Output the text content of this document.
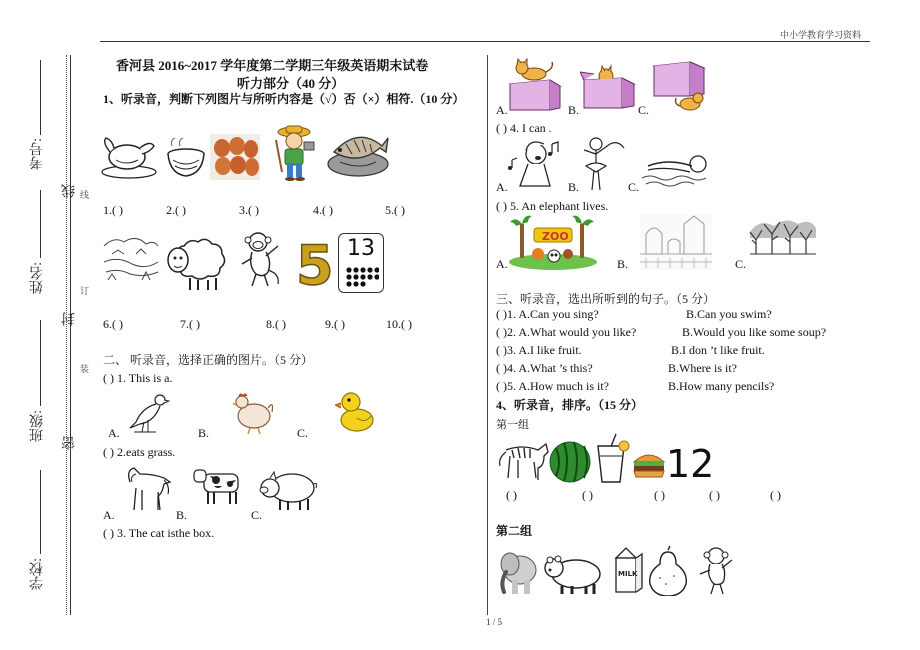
中小学教育学习资料
考号:
姓名:
班级:
学校:
线
封
密
线
订
装
香河县 2016~2017 学年度第二学期三年级英语期末试卷
听力部分（40 分）
1、听录音，判断下列图片与所听内容是（√）否（×）相符.（10 分）
1.( )	2.( )	3.( )	4.( )	5.( )
5 13
6.( )	7.( )	8.( )	9.( )	10.( )
二、 听录音，选择正确的图片。（5 分）
( ) 1. This is a.
A.	B.	C.
( ) 2.eats grass.
A.	B.	C.
( ) 3. The cat isthe box.
A.	B.	C.
( ) 4. I can .
A.	B.	C.
( ) 5. An elephant lives.
ZOO
A.	B.	C.
三、听录音，选出所听到的句子。（5 分）
( )1. A.Can you sing?	B.Can you swim?
( )2. A.What would you like?	B.Would you like some soup?
( )3. A.I like fruit.	B.I don ’t like fruit.
( )4. A.What ’s this?	B.Where is it?
( )5. A.How much is it?	B.How many pencils?
4、听录音，排序。（15 分）
第一组
12
( )	( )	( )	( )	( )
第二组
MILK
1 / 5
